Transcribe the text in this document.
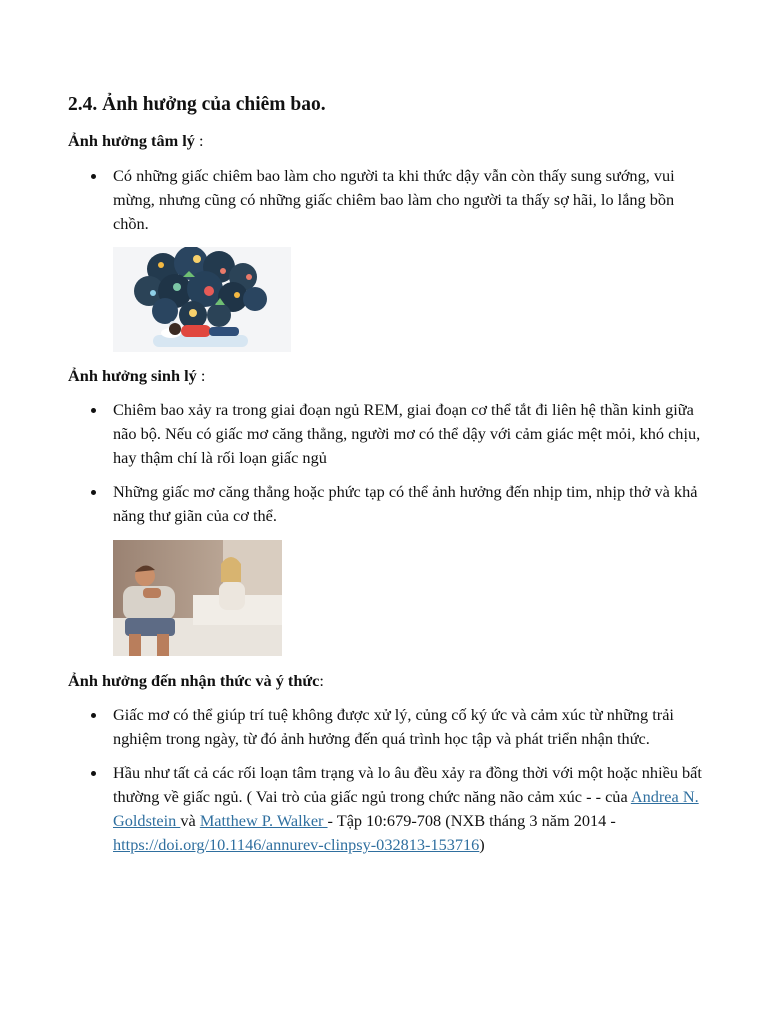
2.4. Ảnh hưởng của chiêm bao.

Ảnh hưởng tâm lý :

Có những giấc chiêm bao làm cho người ta khi thức dậy vẫn còn thấy sung sướng, vui mừng, nhưng cũng có những giấc chiêm bao làm cho người ta thấy sợ hãi, lo lắng bồn chồn.

Ảnh hưởng sinh lý :

Chiêm bao xảy ra trong giai đoạn ngủ REM, giai đoạn cơ thể tắt đi liên hệ thần kinh giữa não bộ. Nếu có giấc mơ căng thẳng, người mơ có thể dậy với cảm giác mệt mỏi, khó chịu, hay thậm chí là rối loạn giấc ngủ
Những giấc mơ căng thẳng hoặc phức tạp có thể ảnh hưởng đến nhịp tim, nhịp thở và khả năng thư giãn của cơ thể.

Ảnh hưởng đến nhận thức và ý thức:

Giấc mơ có thể giúp trí tuệ không được xử lý, củng cố ký ức và cảm xúc từ những trải nghiệm trong ngày, từ đó ảnh hưởng đến quá trình học tập và phát triển nhận thức.
Hầu như tất cả các rối loạn tâm trạng và lo âu đều xảy ra đồng thời với một hoặc nhiều bất thường về giấc ngủ. ( Vai trò của giấc ngủ trong chức năng não cảm xúc - - của Andrea N. Goldstein và Matthew P. Walker - Tập 10:679-708 (NXB tháng 3 năm 2014 - https://doi.org/10.1146/annurev-clinpsy-032813-153716)
